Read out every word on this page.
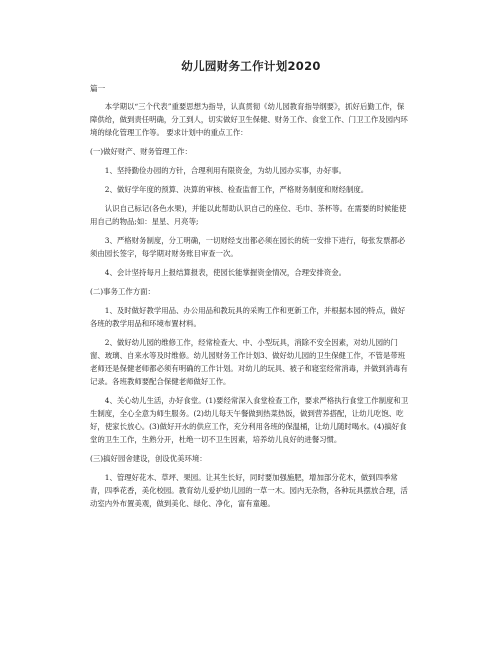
幼儿园财务工作计划2020

篇一

本学期以“三个代表”重要思想为指导，认真贯彻《幼儿园教育指导纲要》，抓好后勤工作，保障供给，做到责任明确，分工到人，切实做好卫生保健、财务工作、食堂工作、门卫工作及园内环境的绿化管理工作等。 要求计划中的重点工作：

(一)做好财产、财务管理工作：

1、坚持勤俭办园的方针，合理利用有限资金，为幼儿园办实事，办好事。

2、做好学年度的预算、决算的审核、检查监督工作，严格财务制度和财经制度。

认识自己标记(各色水果)，并能以此帮助认识自己的座位、毛巾、茶杯等。在需要的时候能使用自己的物品;如：星星、月亮等;

3、严格财务制度，分工明确，一切财经支出都必须在园长的统一安排下进行，每张发票都必须由园长签字，每学期对财务账目审查一次。

4、会计坚持每月上报结算报表，使园长能掌握资金情况，合理安排资金。

(二)事务工作方面：

1、及时做好教学用品、办公用品和教玩具的采购工作和更新工作，并根据本园的特点，做好各班的教学用品和环境布置材料。

2、做好幼儿园的维修工作，经常检查大、中、小型玩具，消除不安全因素，对幼儿园的门窗、玻璃、自来水等及时维修。幼儿园财务工作计划3、做好幼儿园的卫生保健工作，不管是带班老师还是保健老师都必须有明确的工作计划。对幼儿的玩具、被子和寝室经常消毒，并做到消毒有记录。各班教师要配合保健老师做好工作。

4、关心幼儿生活，办好食堂。(1)要经常深入食堂检查工作，要求严格执行食堂工作制度和卫生制度，全心全意为师生服务。(2)幼儿每天午餐做到热菜热饭，做到营养搭配，让幼儿吃饱、吃好，使家长放心。(3)做好开水的供应工作，充分利用各班的保温桶，让幼儿随时喝水。(4)搞好食堂的卫生工作，生熟分开，杜绝一切不卫生因素，培养幼儿良好的进餐习惯。

(三)搞好园舍建设，创设优美环境：

1、管理好花木、草坪、果园。让其生长好，同时要加强施肥，增加部分花木，做到四季常青，四季花香，美化校园。教育幼儿爱护幼儿园的一草一木。园内无杂物，各种玩具摆放合理，活动室内外布置美观，做到美化、绿化、净化，富有童趣。
